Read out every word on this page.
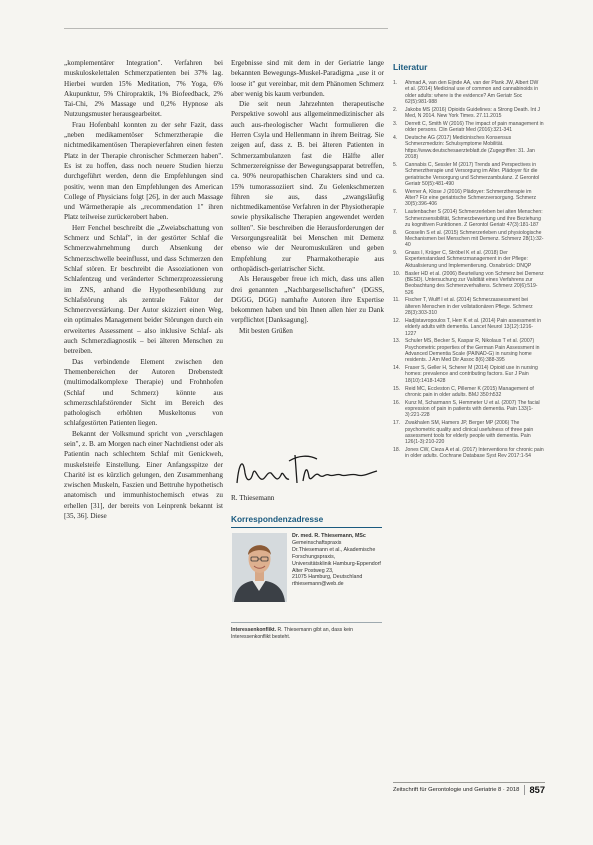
„komplementärer Integration". Verfahren bei muskuloskelettalen Schmerzpatienten bei 37% lag. Hierbei wurden 15% Meditation, 7% Yoga, 6% Akupunktur, 5% Chiropraktik, 1% Biofeedback, 2% Tai-Chi, 2% Massage und 0,2% Hypnose als Nutzungsmuster herausgearbeitet.

Frau Hofenbahl konnten zu der sehr Fazit, dass „neben medikamentöser Schmerztherapie die nichtmedikamentösen Therapieverfahren einen festen Platz in der Therapie chronischer Schmerzen haben". Es ist zu hoffen, dass noch neuere Studien hierzu durchgeführt werden, denn die Empfehlungen sind positiv, wenn man den Empfehlungen des American College of Physicians folgt [26], in der auch Massage und Wärmetherapie als „recommendation 1" ihren Platz teilweise zurückerobert haben.

Herr Fenchel beschreibt die „Zweiabschattung von Schmerz und Schlaf", in der gestörter Schlaf die Schmerzwahrnehmung durch Absenkung der Schmerzschwelle beeinflusst, und dass Schmerzen den Schlaf stören. Er beschreibt die Assoziationen von Schlafentzug und veränderter Schmerzprozessierung im ZNS, anhand die Hypothesenbildung zur Schlafstörung als zentrale Faktor der Schmerzverstärkung. Der Autor skizziert einen Weg, ein optimales Management beider Störungen durch ein erweitertes Assessment – also inklusive Schlaf- als auch Schmerzdiagnostik – bei älteren Menschen zu betreiben.

Das verbindende Element zwischen den Themenbereichen der Autoren Drebenstedt (multimodalkomplexe Therapie) und Frohnhofen (Schlaf und Schmerz) könnte aus schmerzschlafstörender Sicht im Bereich des pathologisch erhöhten Muskeltonus von schlafgestörten Patienten liegen.

Bekannt der Volksmund spricht von „verschlagen sein", z. B. am Morgen nach einer Nachtdienst oder als Patientin nach schlechtem Schlaf mit Genickweh, muskelsteife Einstellung. Einer Anfangsspitze der Charité ist es kürzlich gelungen, den Zusammenhang zwischen Muskeln, Faszien und Bettruhe hypothetisch anatomisch und immunhistochemisch etwas zu erhellen [31], der bereits von Leinprenk bekannt ist [35, 36]. Diese

Ergebnisse sind mit dem in der Geriatrie lange bekannten Bewegungs-Muskel-Paradigma „use it or loose it" gut vereinbar, mit dem Phänomen Schmerz aber wenig bis kaum verbunden.

Die seit neun Jahrzehnten therapeutische Perspektive sowohl aus allgemeinmedizinischer als auch aus-rheologischer Wacht formulieren die Herren Csyla und Hellenmann in ihrem Beitrag. Sie zeigen auf, dass z. B. bei älteren Patienten in Schmerzambulanzen fast die Hälfte aller Schmerzereignisse der Bewegungsapparat betreffen, ca. 90% neuropathischen Charakters sind und ca. 15% tumorassoziiert sind. Zu Gelenkschmerzen führen sie aus, dass „zwangsläufig nichtmedikamentöse Verfahren in der Physiotherapie sowie physikalische Therapien angewendet werden sollten". Sie beschreiben die Herausforderungen der Versorgungsrealität bei Menschen mit Demenz ebenso wie der Neuromuskulären und geben Empfehlung zur Pharmakotherapie aus orthopädisch-geriatrischer Sicht.

Als Herausgeber freue ich mich, dass uns allen drei genannten „Nachbargesellschaften" (DGSS, DGGG, DGG) namhafte Autoren ihre Expertise bekommen haben und bin Ihnen allen hier zu Dank verpflichtet [Danksagung].

Mit besten Grüßen

R. Thiesemann
Korrespondenzadresse
Dr. med. R. Thiesemann, MSc
Gemeinschaftspraxis
Dr.Thiesemann et al., Akademische Forschungspraxis,
Universitätsklinik Hamburg-Eppendorf
Alter Postweg 23,
21075 Hamburg, Deutschland
rthiesemann@web.de
Interessenkonflikt. R. Thiesemann gibt an, dass kein Interessenkonflikt besteht.
Literatur
1.	Ahmad A, van den Eijnde AA, van der Plank JW, Albert DW et al. (2014) Medicinal use of common and cannabinoids in older adults: where is the evidence? Am Geriatr Soc 62(5):981-988
2.	Jakobs MS (2016) Opioids Guidelines: a Strong Death. Int J Med, N 2014. New York Times. 27.11.2015
3.	Derrett C, Smith W (2016) The impact of pain management in older persons. Clin Geriatr Med (2016):321-341
4.	Deutsche AG (2017) Medicinisches Konsensus Schmerzmedizin: Schulsymptome Mobilität. https://www.deutschesaerzteblatt.de (Zugegriffen: 31. Jan 2018)
5.	Cannabis C, Sessler M (2017) Trends and Perspectives in Schmerztherapie und Versorgung im Alter. Plädoyer für die geriatrische Versorgung und Schmerzambulanz. Z Gerontol Geriatr 50(5):481-490
6.	Werner A, Klose J (2016) Plädoyer: Schmerztherapie im Alter? Für eine geriatrische Schmerzversorgung. Schmerz 30(5):396-406
7.	Lautenbacher S (2014) Schmerzerleben bei alten Menschen: Schmerzsensibilität, Schmerzbewertung und ihre Beziehung zu kognitiven Funktionen. Z Gerontol Geriatr 47(3):181-187
8.	Gosselin S et al. (2015) Schmerzerleben und physiologische Mechanismen bei Menschen mit Demenz. Schmerz 28(1):32-40
9.	Gnass I, Krüger C, Ströbel K et al. (2018) Der Expertenstandard Schmerzmanagement in der Pflege: Aktualisierung und Implementierung. Osnabrück: DNQP
10. Basler HD et al. (2006) Beurteilung von Schmerz bei Demenz (BESD). Untersuchung zur Validität eines Verfahrens zur Beobachtung des Schmerzverhaltens. Schmerz 20(6):519-526
11.	Fischer T, Wulff I et al. (2014) Schmerzassessment bei älteren Menschen in der vollstationären Pflege. Schmerz 28(3):303-310
12. Hadjistavropoulos T, Herr K et al. (2014) Pain assessment in elderly adults with dementia. Lancet Neurol 13(12):1216-1227
13. Schuler MS, Becker S, Kaspar R, Nikolaus T et al. (2007) Psychometric properties of the German Pain Assessment in Advanced Dementia Scale (PAINAD-G) in nursing home residents. J Am Med Dir Assoc 8(6):388-395
14. Fraser S, Geller H, Scherer M (2014) Opioid use in nursing homes: prevalence and contributing factors. Eur J Pain 18(10):1418-1428
15. Reid MC, Eccleston C, Pillemer K (2015) Management of chronic pain in older adults. BMJ 350:h532
16. Kunz M, Scharmann S, Hemmeter U et al. (2007) The facial expression of pain in patients with dementia. Pain 133(1-3):221-228
17. Zwakhalen SM, Hamers JP, Berger MP (2006) The psychometric quality and clinical usefulness of three pain assessment tools for elderly people with dementia. Pain 126(1-3):210-220
18. Jones CW, Cieza A et al. (2017) Interventions for chronic pain in older adults. Cochrane Database Syst Rev 2017:1-54
Zeitschrift für Gerontologie und Geriatrie 8 · 2018	857
